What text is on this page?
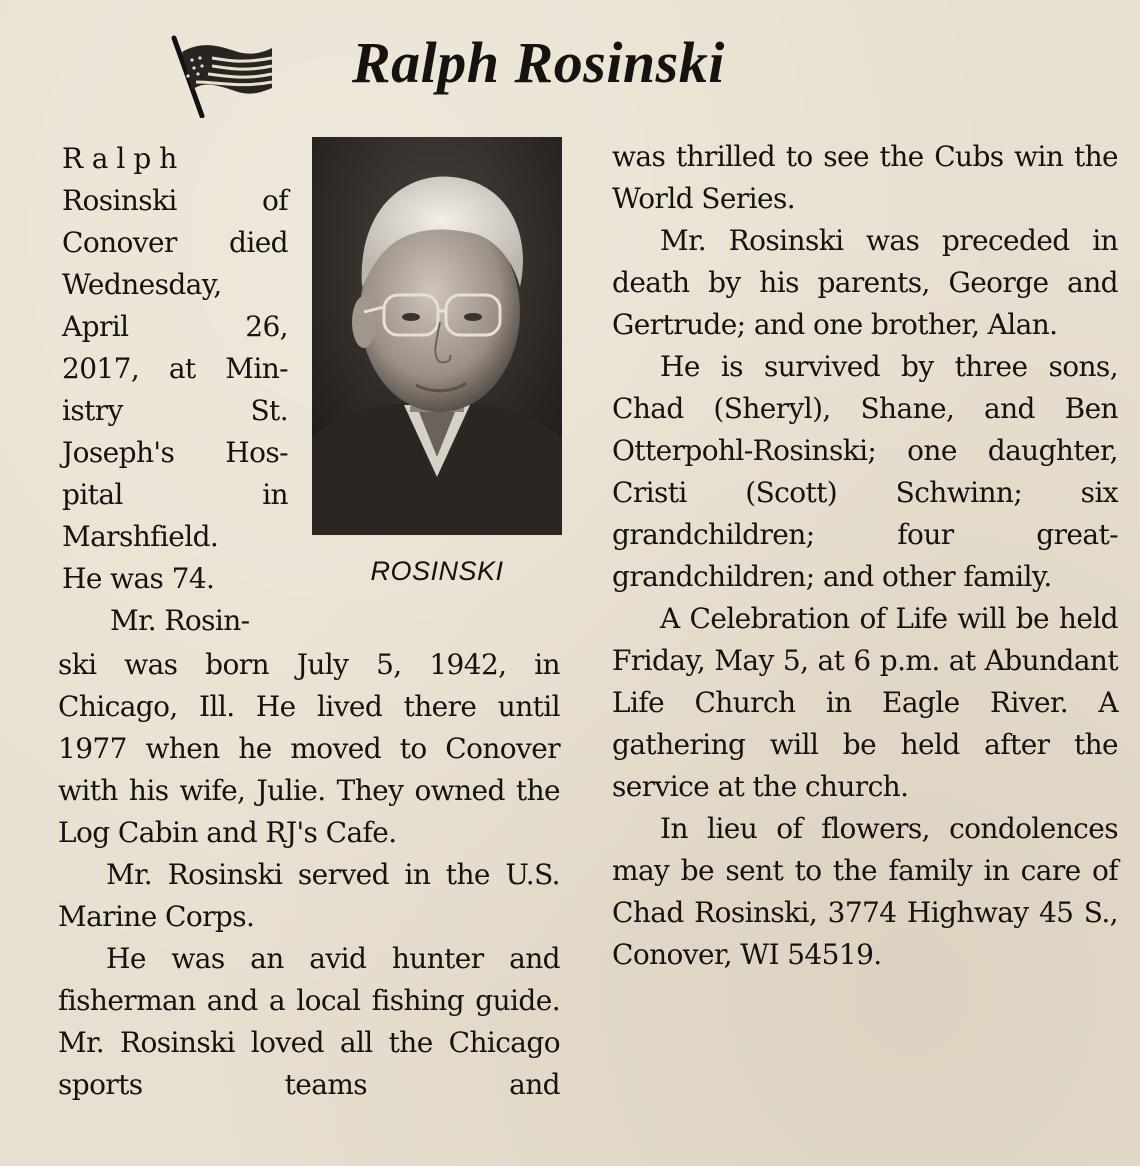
Ralph Rosinski
Ralph
Rosinski of
Conover died
Wednesday,
April 26,
2017, at Min-
istry St.
Joseph's Hos-
pital in
Marshfield.
He was 74.
Mr. Rosin-
ROSINSKI

ski was born July 5, 1942, in Chicago, Ill. He lived there until 1977 when he moved to Conover with his wife, Julie. They owned the Log Cabin and RJ's Cafe.

Mr. Rosinski served in the U.S. Marine Corps.

He was an avid hunter and fisherman and a local fishing guide. Mr. Rosinski loved all the Chicago sports teams and

was thrilled to see the Cubs win the World Series.

Mr. Rosinski was preceded in death by his parents, George and Gertrude; and one brother, Alan.

He is survived by three sons, Chad (Sheryl), Shane, and Ben Otterpohl-Rosinski; one daughter, Cristi (Scott) Schwinn; six grandchildren; four great-grandchildren; and other family.

A Celebration of Life will be held Friday, May 5, at 6 p.m. at Abundant Life Church in Eagle River. A gathering will be held after the service at the church.

In lieu of flowers, condolences may be sent to the family in care of Chad Rosinski, 3774 Highway 45 S., Conover, WI 54519.
